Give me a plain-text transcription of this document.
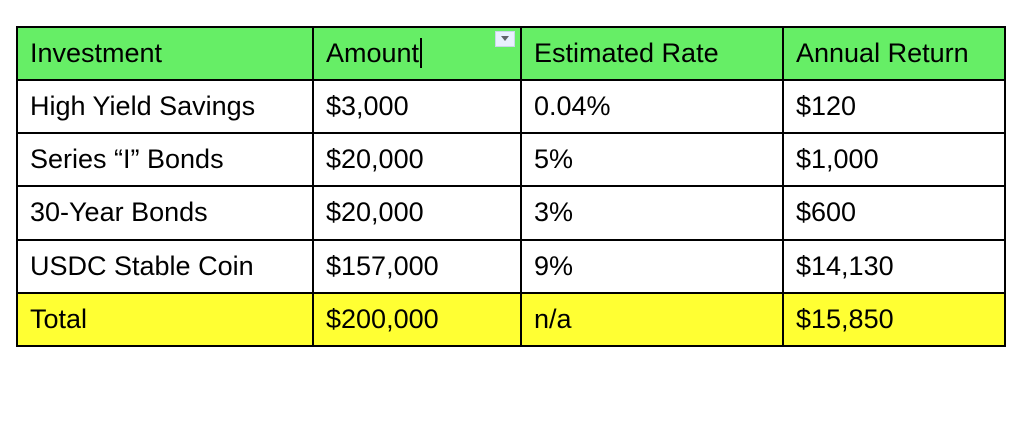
Investment	Amount	Estimated Rate	Annual Return
High Yield Savings	$3,000	0.04%	$120
Series “I” Bonds	$20,000	5%	$1,000
30-Year Bonds	$20,000	3%	$600
USDC Stable Coin	$157,000	9%	$14,130
Total	$200,000	n/a	$15,850
